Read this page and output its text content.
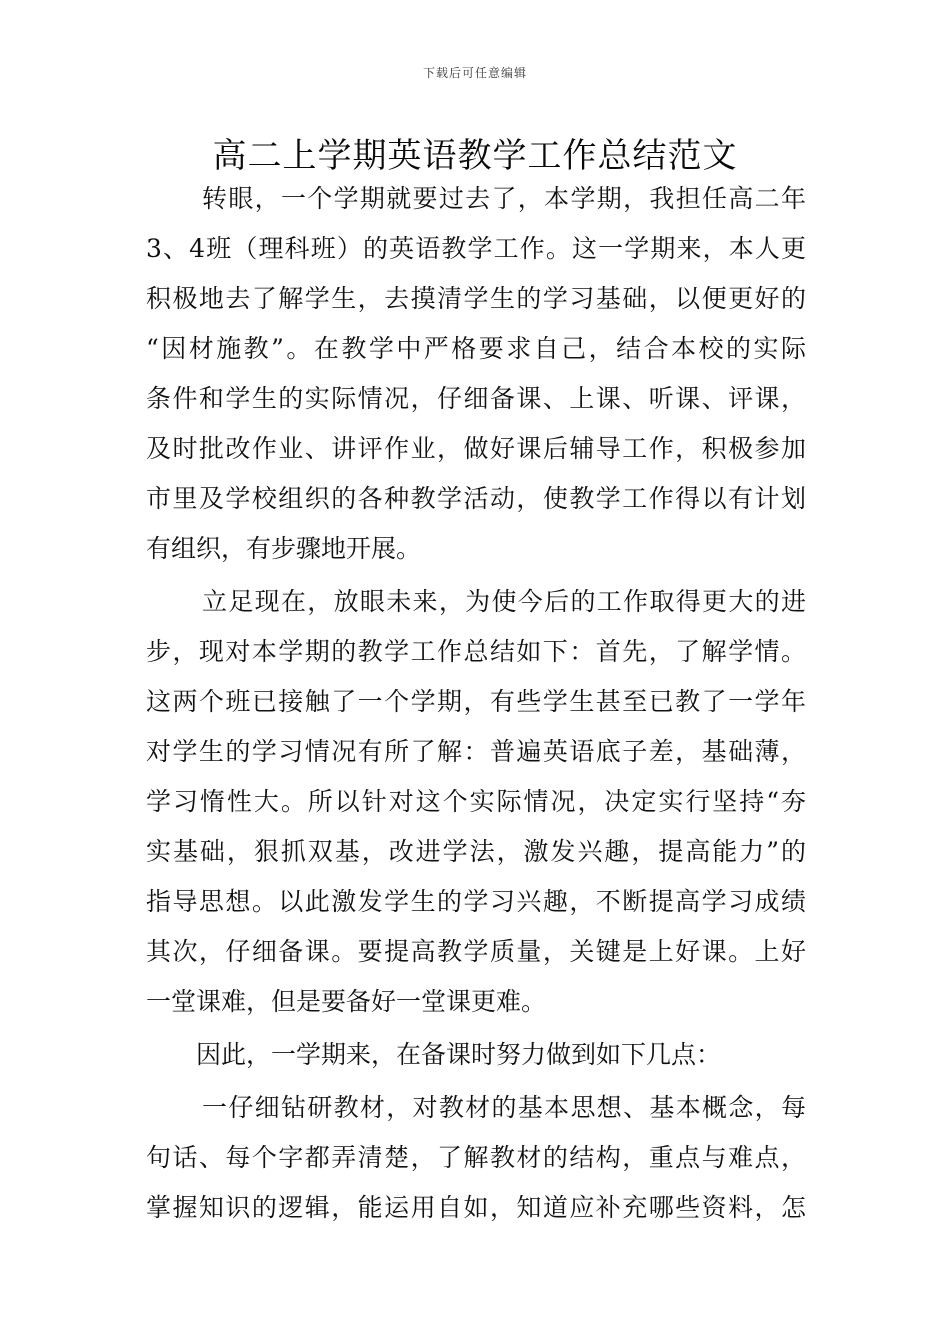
下载后可任意编辑
高二上学期英语教学工作总结范文
转眼，一个学期就要过去了，本学期，我担任高二年
3、4班（理科班）的英语教学工作。这一学期来，本人更
积极地去了解学生，去摸清学生的学习基础，以便更好的
“因材施教”。在教学中严格要求自己，结合本校的实际
条件和学生的实际情况，仔细备课、上课、听课、评课，
及时批改作业、讲评作业，做好课后辅导工作，积极参加
市里及学校组织的各种教学活动，使教学工作得以有计划
有组织，有步骤地开展。
立足现在，放眼未来，为使今后的工作取得更大的进
步，现对本学期的教学工作总结如下：首先，了解学情。
这两个班已接触了一个学期，有些学生甚至已教了一学年
对学生的学习情况有所了解：普遍英语底子差，基础薄，
学习惰性大。所以针对这个实际情况，决定实行坚持“夯
实基础，狠抓双基，改进学法，激发兴趣，提高能力”的
指导思想。以此激发学生的学习兴趣，不断提高学习成绩
其次，仔细备课。要提高教学质量，关键是上好课。上好
一堂课难，但是要备好一堂课更难。
因此，一学期来，在备课时努力做到如下几点：
一仔细钻研教材，对教材的基本思想、基本概念，每
句话、每个字都弄清楚，了解教材的结构，重点与难点，
掌握知识的逻辑，能运用自如，知道应补充哪些资料，怎
